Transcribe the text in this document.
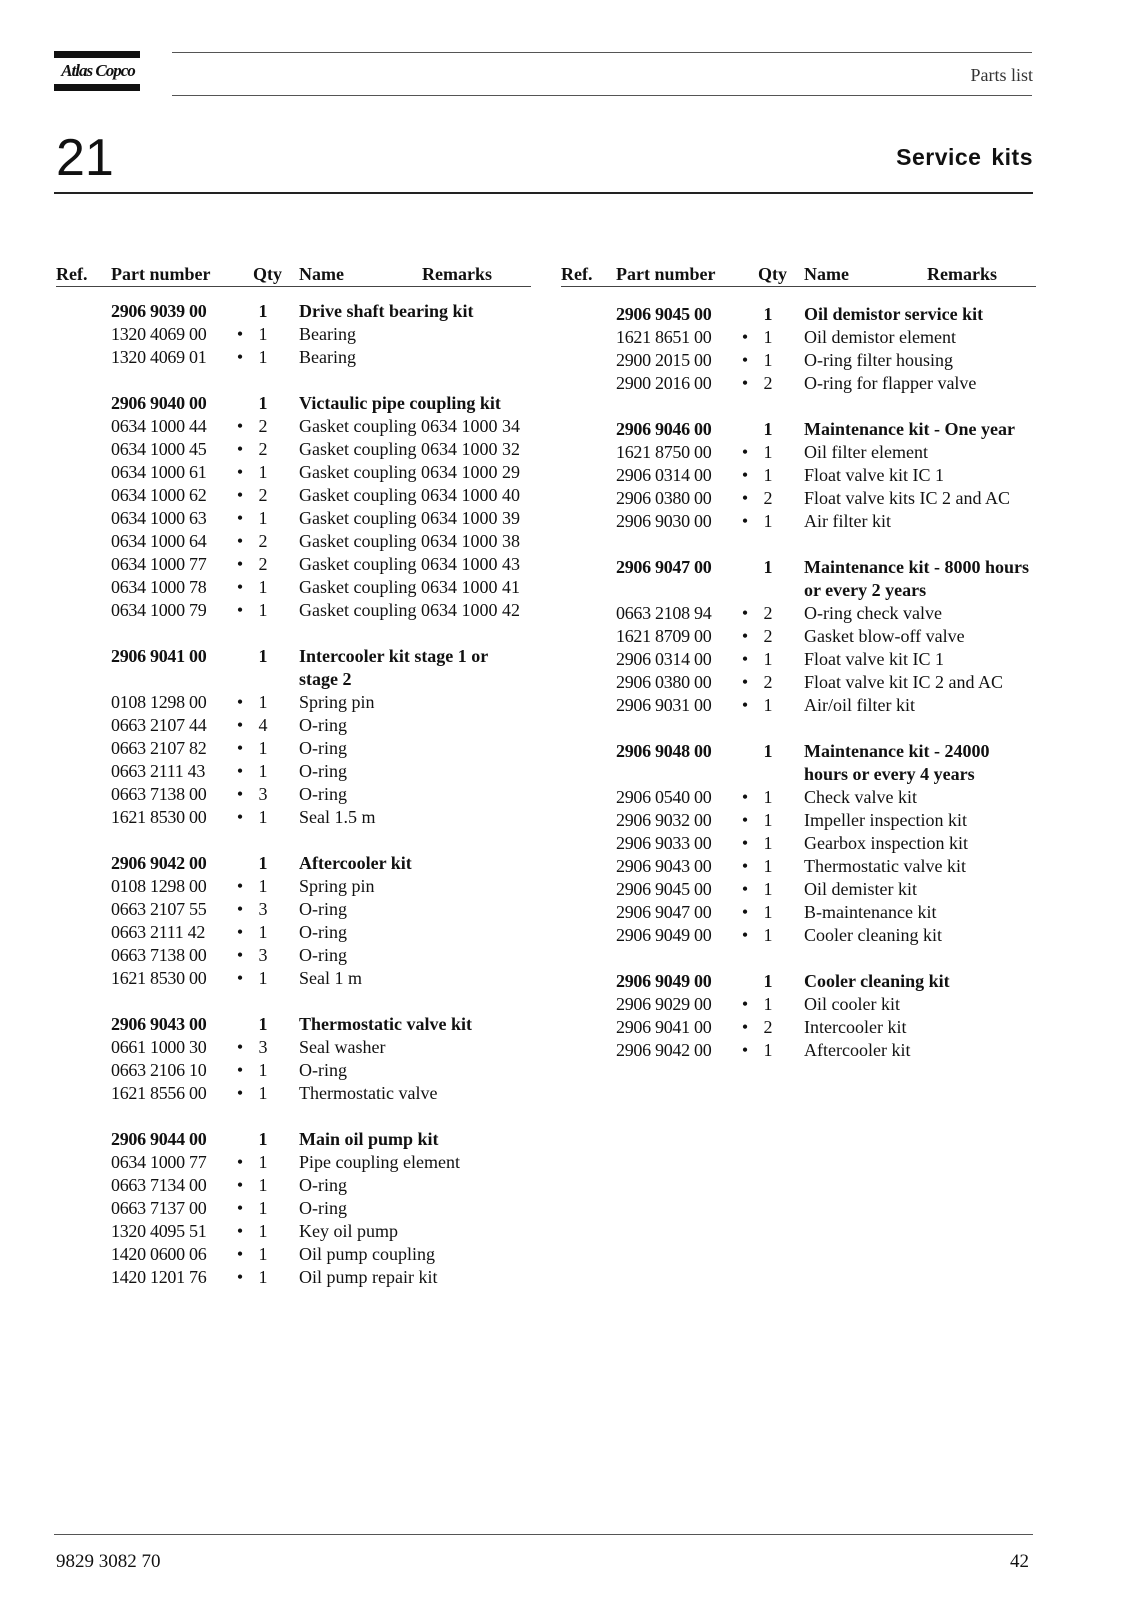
Atlas Copco	Parts list
21	Service kits
Ref. Part number Qty Name	Remarks
2906 9039 00	1	Drive shaft bearing kit
1320 4069 00 • 1	Bearing
1320 4069 01 • 1	Bearing
2906 9040 00	1	Victaulic pipe coupling kit
0634 1000 44 • 2	Gasket coupling 0634 1000 34
0634 1000 45 • 2	Gasket coupling 0634 1000 32
0634 1000 61 • 1	Gasket coupling 0634 1000 29
0634 1000 62 • 2	Gasket coupling 0634 1000 40
0634 1000 63 • 1	Gasket coupling 0634 1000 39
0634 1000 64 • 2	Gasket coupling 0634 1000 38
0634 1000 77 • 2	Gasket coupling 0634 1000 43
0634 1000 78 • 1	Gasket coupling 0634 1000 41
0634 1000 79 • 1	Gasket coupling 0634 1000 42
2906 9041 00	1	Intercooler kit stage 1 or stage 2
0108 1298 00 • 1	Spring pin
0663 2107 44 • 4	O-ring
0663 2107 82 • 1	O-ring
0663 2111 43 • 1	O-ring
0663 7138 00 • 3	O-ring
1621 8530 00 • 1	Seal 1.5 m
2906 9042 00	1	Aftercooler kit
0108 1298 00 • 1	Spring pin
0663 2107 55 • 3	O-ring
0663 2111 42 • 1	O-ring
0663 7138 00 • 3	O-ring
1621 8530 00 • 1	Seal 1 m
2906 9043 00	1	Thermostatic valve kit
0661 1000 30 • 3	Seal washer
0663 2106 10 • 1	O-ring
1621 8556 00 • 1	Thermostatic valve
2906 9044 00	1	Main oil pump kit
0634 1000 77 • 1	Pipe coupling element
0663 7134 00 • 1	O-ring
0663 7137 00 • 1	O-ring
1320 4095 51 • 1	Key oil pump
1420 0600 06 • 1	Oil pump coupling
1420 1201 76 • 1	Oil pump repair kit
Ref. Part number Qty Name	Remarks
2906 9045 00	1	Oil demistor service kit
1621 8651 00 • 1	Oil demistor element
2900 2015 00 • 1	O-ring filter housing
2900 2016 00 • 2	O-ring for flapper valve
2906 9046 00	1	Maintenance kit - One year
1621 8750 00 • 1	Oil filter element
2906 0314 00 • 1	Float valve kit IC 1
2906 0380 00 • 2	Float valve kits IC 2 and AC
2906 9030 00 • 1	Air filter kit
2906 9047 00	1	Maintenance kit - 8000 hours or every 2 years
0663 2108 94 • 2	O-ring check valve
1621 8709 00 • 2	Gasket blow-off valve
2906 0314 00 • 1	Float valve kit IC 1
2906 0380 00 • 2	Float valve kit IC 2 and AC
2906 9031 00 • 1	Air/oil filter kit
2906 9048 00	1	Maintenance kit - 24000 hours or every 4 years
2906 0540 00 • 1	Check valve kit
2906 9032 00 • 1	Impeller inspection kit
2906 9033 00 • 1	Gearbox inspection kit
2906 9043 00 • 1	Thermostatic valve kit
2906 9045 00 • 1	Oil demister kit
2906 9047 00 • 1	B-maintenance kit
2906 9049 00 • 1	Cooler cleaning kit
2906 9049 00	1	Cooler cleaning kit
2906 9029 00 • 1	Oil cooler kit
2906 9041 00 • 2	Intercooler kit
2906 9042 00 • 1	Aftercooler kit
9829 3082 70	42
